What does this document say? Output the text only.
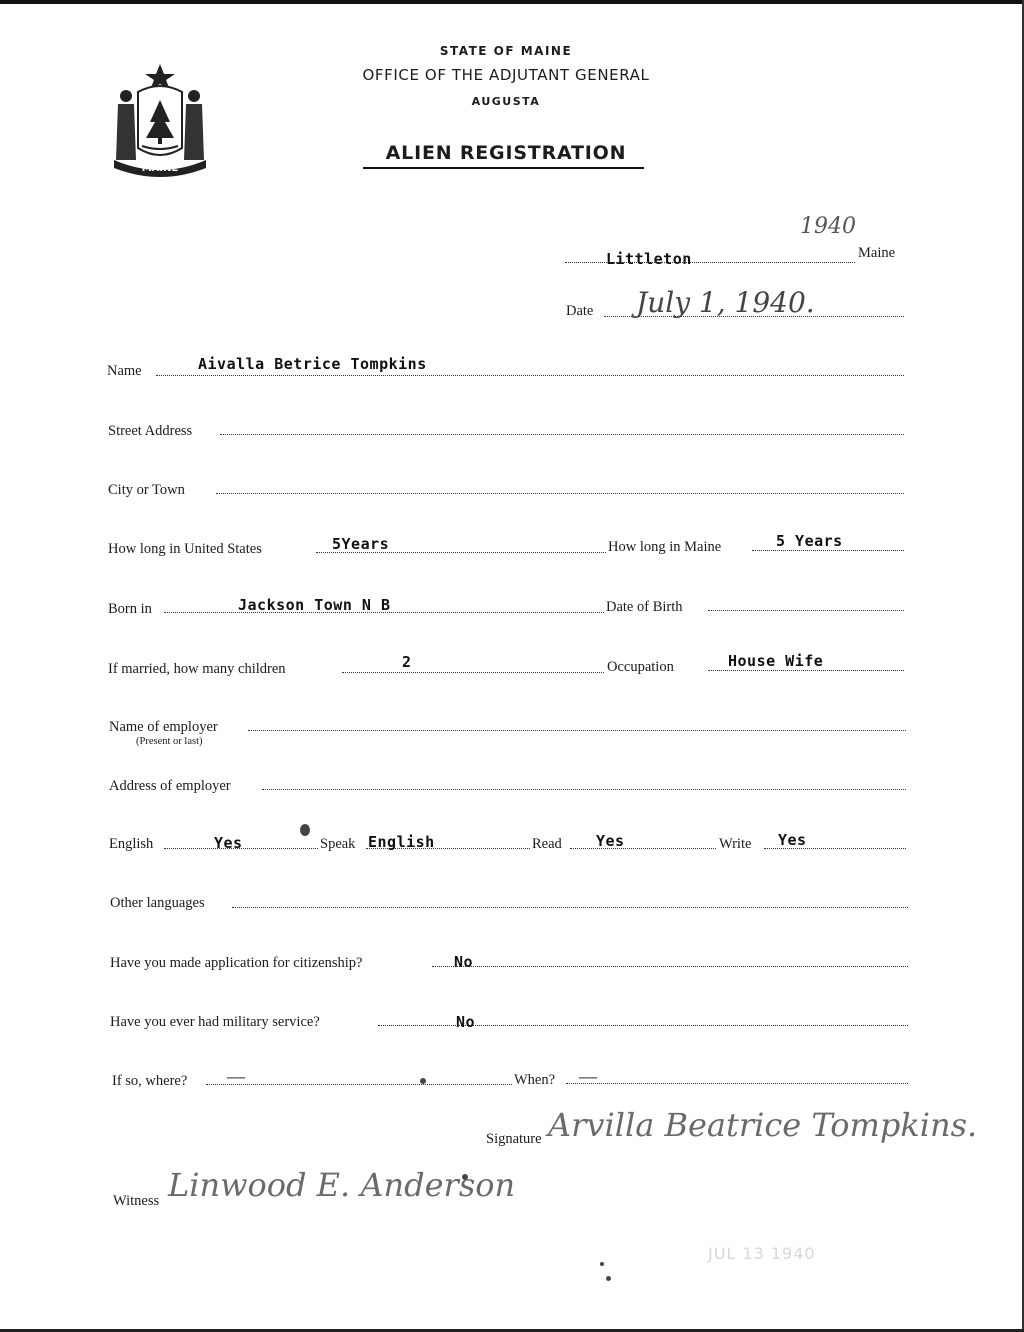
MAINE
STATE OF MAINE
OFFICE OF THE ADJUTANT GENERAL
AUGUSTA
ALIEN REGISTRATION
1940
Littleton	Maine
Date July 1, 1940.
Name	Aivalla Betrice Tompkins
Street Address
City or Town
How long in United States	5Years	How long in Maine	5 Years
Born in	Jackson Town N B	Date of Birth
If married, how many children	2	Occupation	House Wife
Name of employer
(Present or last)
Address of employer
English	Yes	Speak English	Read Yes	Write Yes
Other languages
Have you made application for citizenship?	No
Have you ever had military service?	No
If so, where? —	When? —
Signature Arvilla Beatrice Tompkins.
Witness Linwood E. Anderson
JUL 13 1940
